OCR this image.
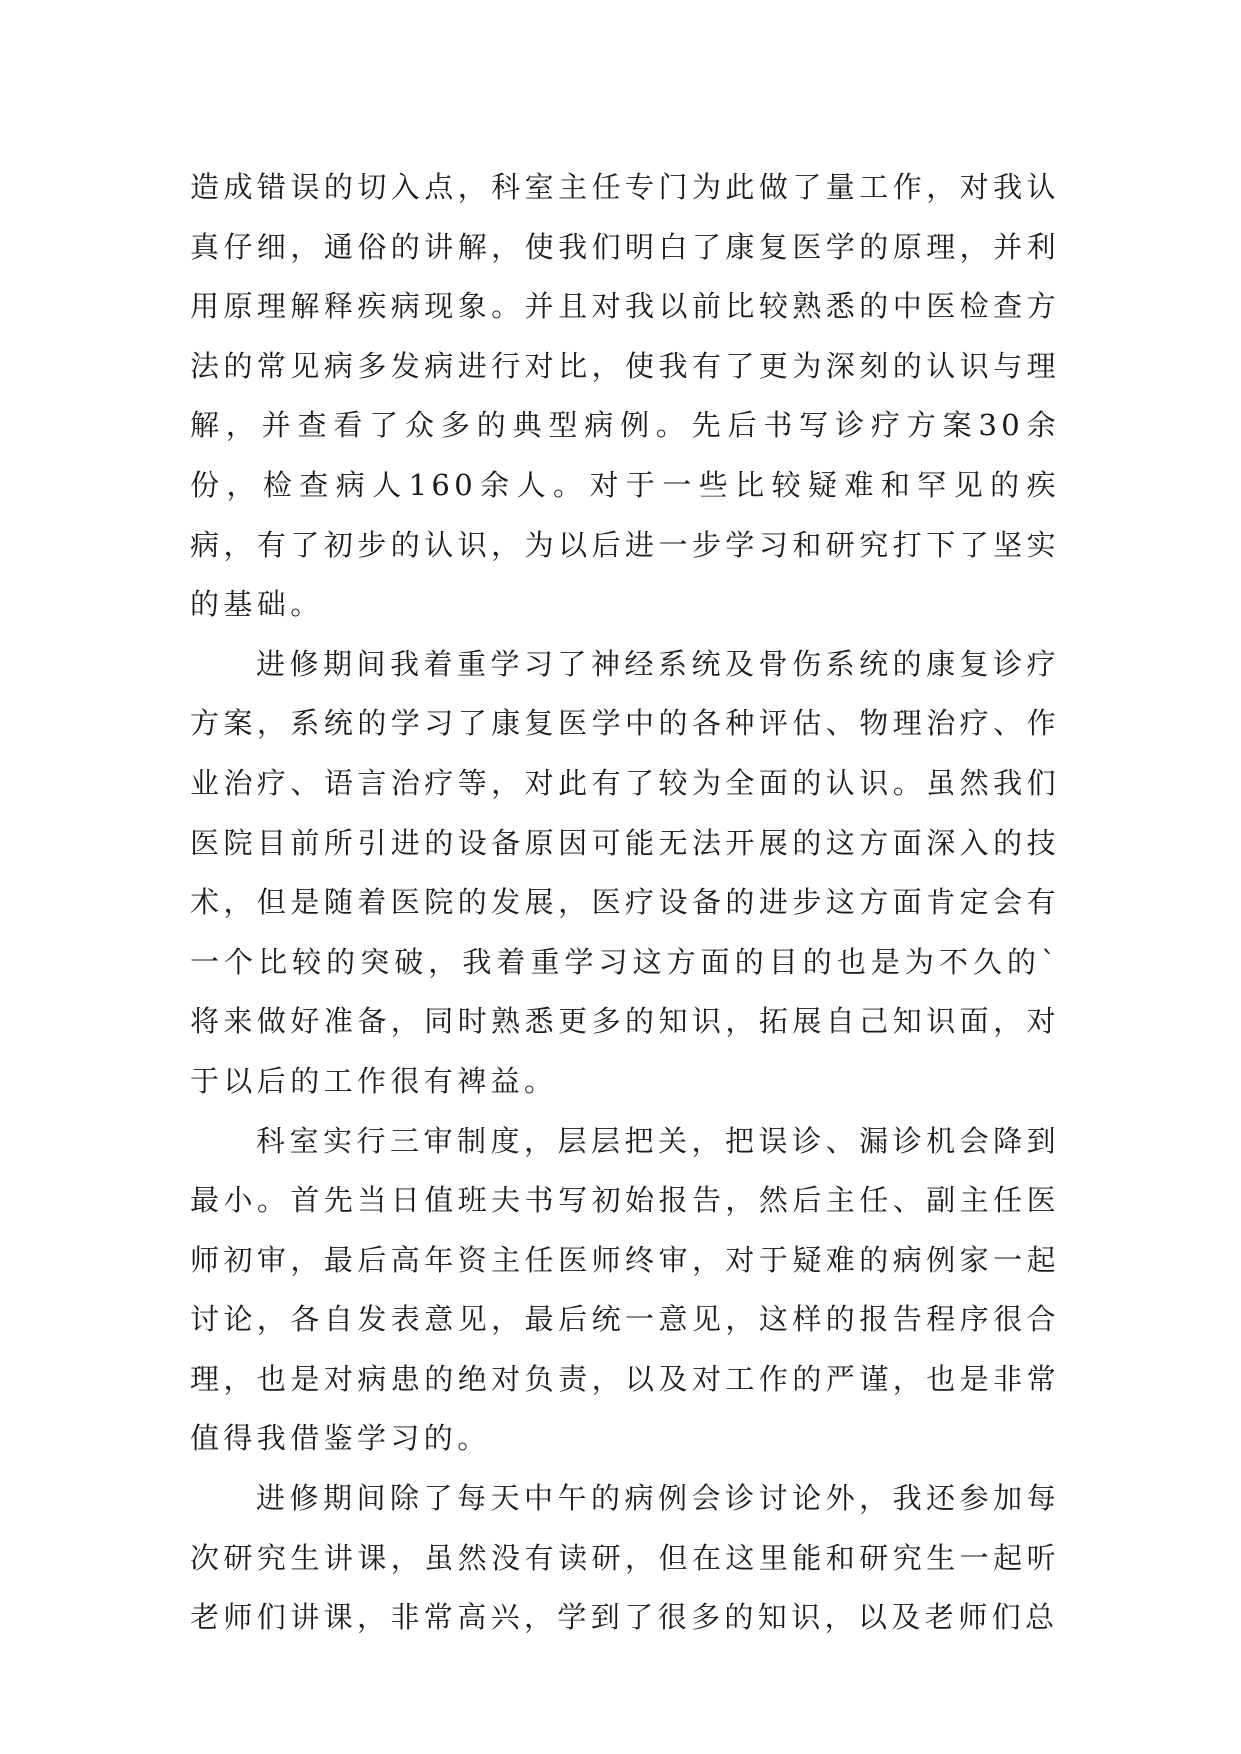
造成错误的切入点，科室主任专门为此做了量工作，对我认真仔细，通俗的讲解，使我们明白了康复医学的原理，并利用原理解释疾病现象。并且对我以前比较熟悉的中医检查方法的常见病多发病进行对比，使我有了更为深刻的认识与理解，并查看了众多的典型病例。先后书写诊疗方案30余份，检查病人160余人。对于一些比较疑难和罕见的疾病，有了初步的认识，为以后进一步学习和研究打下了坚实的基础。

进修期间我着重学习了神经系统及骨伤系统的康复诊疗方案，系统的学习了康复医学中的各种评估、物理治疗、作业治疗、语言治疗等，对此有了较为全面的认识。虽然我们医院目前所引进的设备原因可能无法开展的这方面深入的技术，但是随着医院的发展，医疗设备的进步这方面肯定会有一个比较的突破，我着重学习这方面的目的也是为不久的`将来做好准备，同时熟悉更多的知识，拓展自己知识面，对于以后的工作很有裨益。

科室实行三审制度，层层把关，把误诊、漏诊机会降到最小。首先当日值班夫书写初始报告，然后主任、副主任医师初审，最后高年资主任医师终审，对于疑难的病例家一起讨论，各自发表意见，最后统一意见，这样的报告程序很合理，也是对病患的绝对负责，以及对工作的严谨，也是非常值得我借鉴学习的。

进修期间除了每天中午的病例会诊讨论外，我还参加每次研究生讲课，虽然没有读研，但在这里能和研究生一起听老师们讲课，非常高兴，学到了很多的知识，以及老师们总
